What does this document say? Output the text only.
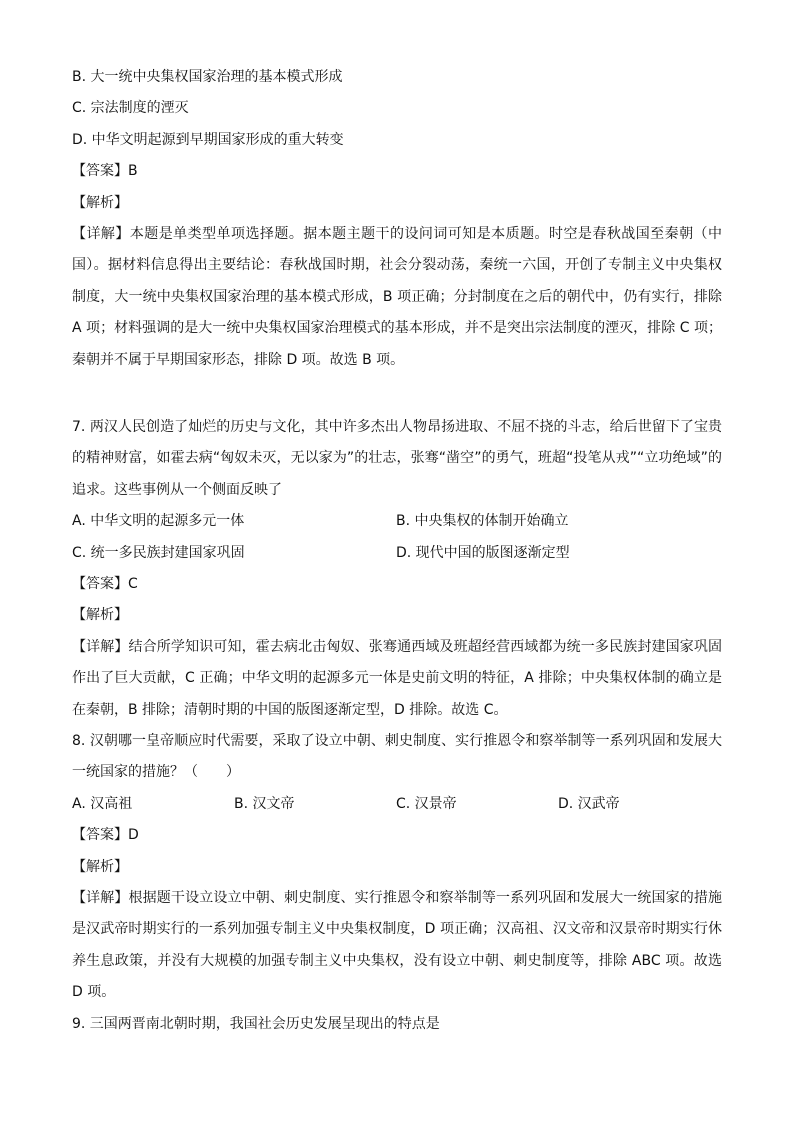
B. 大一统中央集权国家治理的基本模式形成
C. 宗法制度的湮灭
D. 中华文明起源到早期国家形成的重大转变
【答案】B
【解析】
【详解】本题是单类型单项选择题。据本题主题干的设问词可知是本质题。时空是春秋战国至秦朝（中国）。据材料信息得出主要结论：春秋战国时期，社会分裂动荡，秦统一六国，开创了专制主义中央集权制度，大一统中央集权国家治理的基本模式形成，B 项正确；分封制度在之后的朝代中，仍有实行，排除 A 项；材料强调的是大一统中央集权国家治理模式的基本形成，并不是突出宗法制度的湮灭，排除 C 项；秦朝并不属于早期国家形态，排除 D 项。故选 B 项。
7. 两汉人民创造了灿烂的历史与文化，其中许多杰出人物昂扬进取、不屈不挠的斗志，给后世留下了宝贵的精神财富，如霍去病“匈奴未灭，无以家为”的壮志，张骞“凿空”的勇气，班超“投笔从戎”“立功绝域”的追求。这些事例从一个侧面反映了
A. 中华文明的起源多元一体	B. 中央集权的体制开始确立
C. 统一多民族封建国家巩固	D. 现代中国的版图逐渐定型
【答案】C
【解析】
【详解】结合所学知识可知，霍去病北击匈奴、张骞通西域及班超经营西域都为统一多民族封建国家巩固作出了巨大贡献，C 正确；中华文明的起源多元一体是史前文明的特征，A 排除；中央集权体制的确立是在秦朝，B 排除；清朝时期的中国的版图逐渐定型，D 排除。故选 C。
8. 汉朝哪一皇帝顺应时代需要，采取了设立中朝、刺史制度、实行推恩令和察举制等一系列巩固和发展大一统国家的措施？（　　）
A. 汉高祖	B. 汉文帝	C. 汉景帝	D. 汉武帝
【答案】D
【解析】
【详解】根据题干设立设立中朝、刺史制度、实行推恩令和察举制等一系列巩固和发展大一统国家的措施是汉武帝时期实行的一系列加强专制主义中央集权制度，D 项正确；汉高祖、汉文帝和汉景帝时期实行休养生息政策，并没有大规模的加强专制主义中央集权，没有设立中朝、刺史制度等，排除 ABC 项。故选 D 项。
9. 三国两晋南北朝时期，我国社会历史发展呈现出的特点是
